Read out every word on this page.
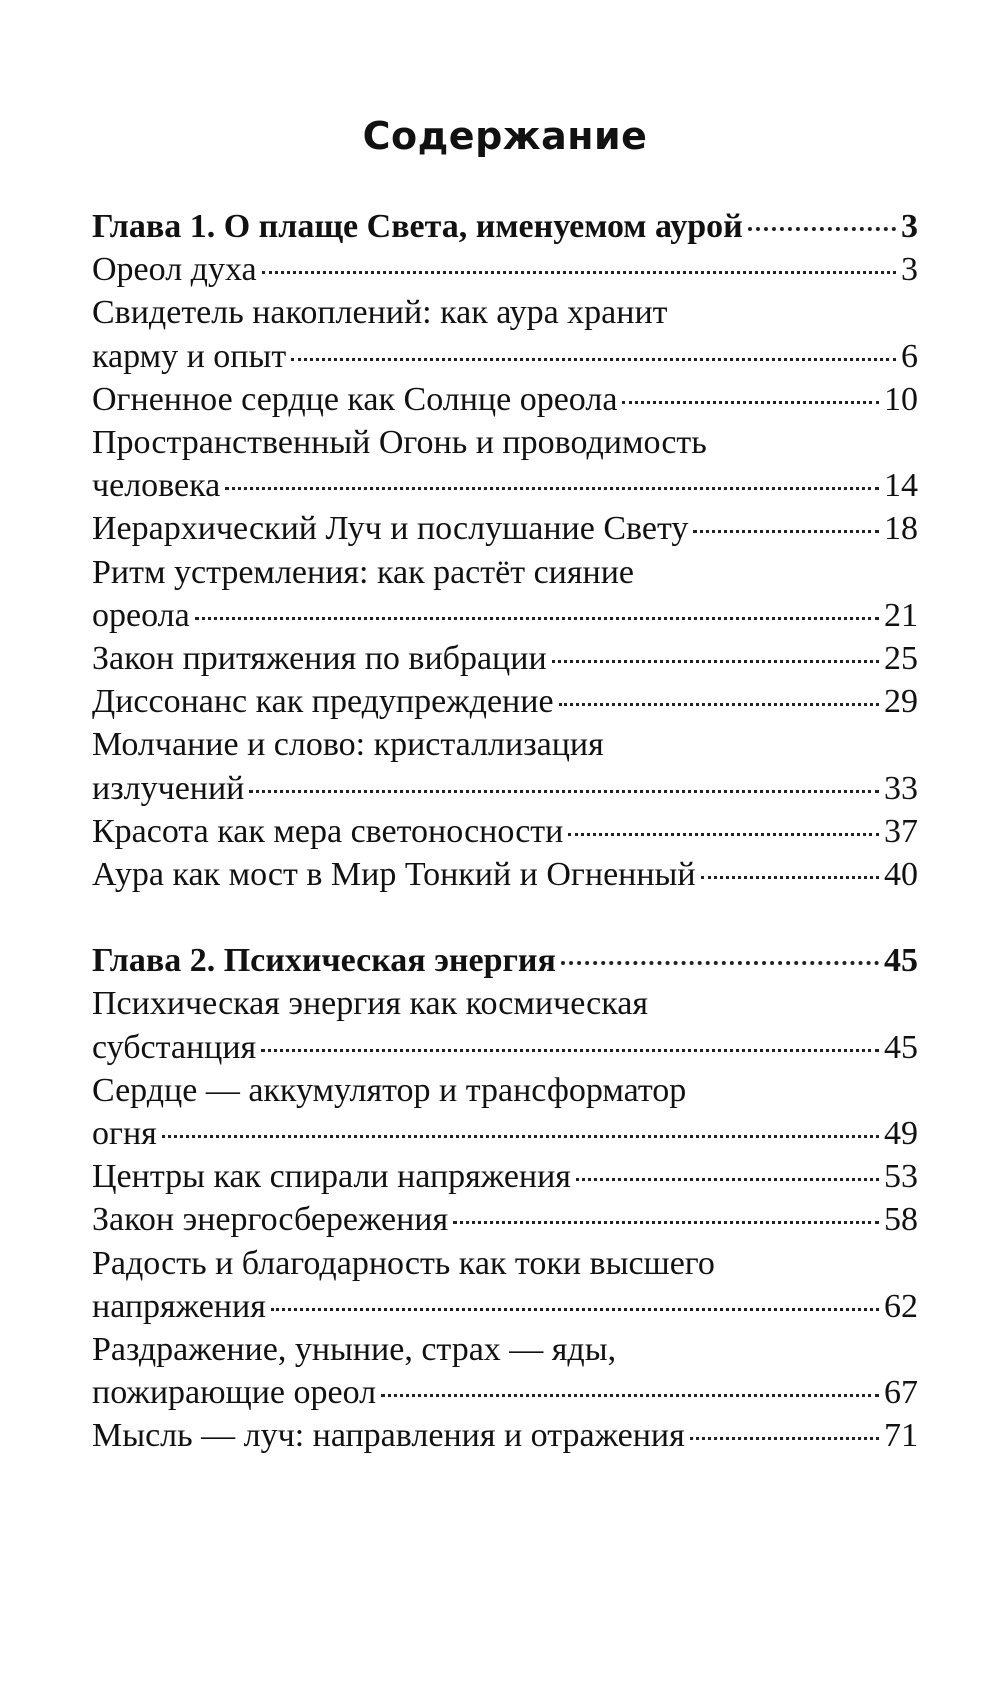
Содержание
Глава 1. О плаще Света, именуемом аурой	3
Ореол духа	3
Свидетель накоплений: как аура хранит
карму и опыт	6
Огненное сердце как Солнце ореола	10
Пространственный Огонь и проводимость
человека	14
Иерархический Луч и послушание Свету	18
Ритм устремления: как растёт сияние
ореола	21
Закон притяжения по вибрации	25
Диссонанс как предупреждение	29
Молчание и слово: кристаллизация
излучений	33
Красота как мера светоносности	37
Аура как мост в Мир Тонкий и Огненный	40
Глава 2. Психическая энергия	45
Психическая энергия как космическая
субстанция	45
Сердце — аккумулятор и трансформатор
огня	49
Центры как спирали напряжения	53
Закон энергосбережения	58
Радость и благодарность как токи высшего
напряжения	62
Раздражение, уныние, страх — яды,
пожирающие ореол	67
Мысль — луч: направления и отражения	71
